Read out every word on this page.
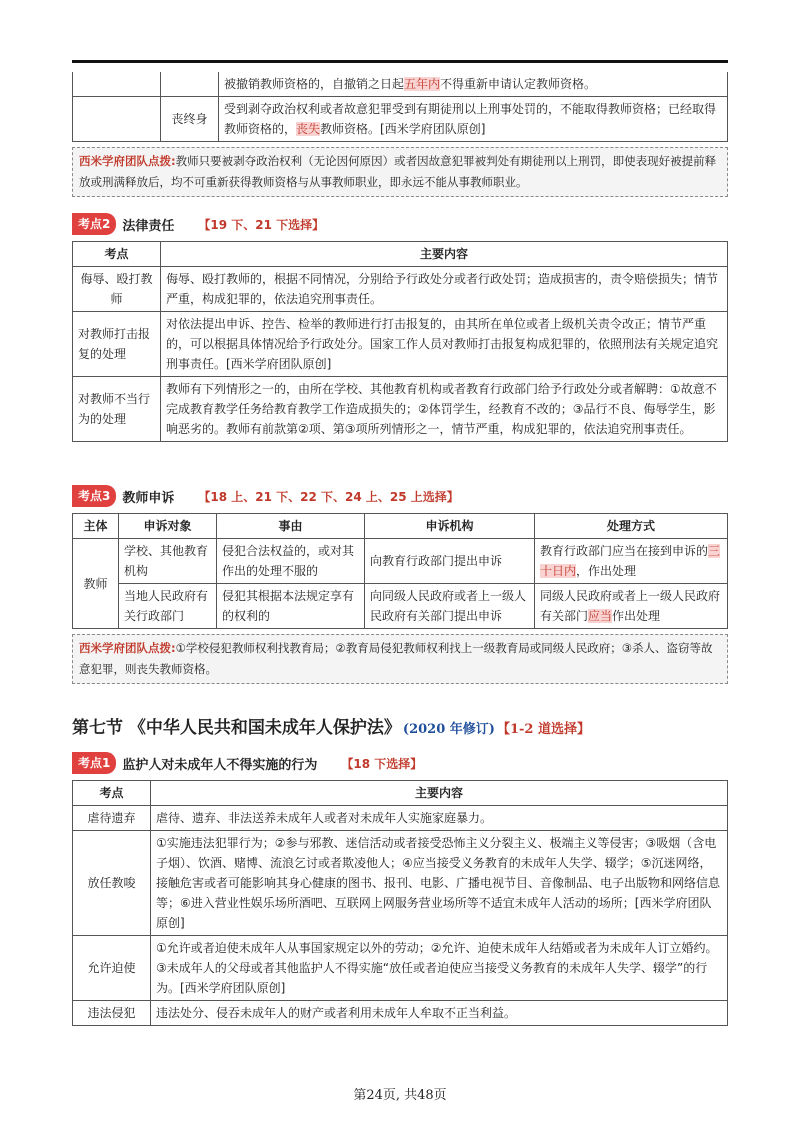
		被撤销教师资格的，自撤销之日起五年内不得重新申请认定教师资格。
	丧终身	受到剥夺政治权利或者故意犯罪受到有期徒刑以上刑事处罚的，不能取得教师资格；已经取得教师资格的，丧失教师资格。[西米学府团队原创]
西米学府团队点拨:教师只要被剥夺政治权利（无论因何原因）或者因故意犯罪被判处有期徒刑以上刑罚，即使表现好被提前释放或刑满释放后，均不可重新获得教师资格与从事教师职业，即永远不能从事教师职业。
考点2 法律责任 【19 下、21 下选择】
考点	主要内容
侮辱、殴打教师	侮辱、殴打教师的，根据不同情况，分别给予行政处分或者行政处罚；造成损害的，责令赔偿损失；情节严重，构成犯罪的，依法追究刑事责任。
对教师打击报复的处理	对依法提出申诉、控告、检举的教师进行打击报复的，由其所在单位或者上级机关责令改正；情节严重的，可以根据具体情况给予行政处分。国家工作人员对教师打击报复构成犯罪的，依照刑法有关规定追究刑事责任。[西米学府团队原创]
对教师不当行为的处理	教师有下列情形之一的，由所在学校、其他教育机构或者教育行政部门给予行政处分或者解聘：①故意不完成教育教学任务给教育教学工作造成损失的；②体罚学生，经教育不改的；③品行不良、侮辱学生，影响恶劣的。教师有前款第②项、第③项所列情形之一，情节严重，构成犯罪的，依法追究刑事责任。
考点3 教师申诉 【18 上、21 下、22 下、24 上、25 上选择】
主体	申诉对象	事由	申诉机构	处理方式
教师	学校、其他教育机构	侵犯合法权益的，或对其作出的处理不服的	向教育行政部门提出申诉	教育行政部门应当在接到申诉的三十日内，作出处理
	当地人民政府有关行政部门	侵犯其根据本法规定享有的权利的	向同级人民政府或者上一级人民政府有关部门提出申诉	同级人民政府或者上一级人民政府有关部门应当作出处理
西米学府团队点拨:①学校侵犯教师权利找教育局；②教育局侵犯教师权利找上一级教育局或同级人民政府；③杀人、盗窃等故意犯罪，则丧失教师资格。
第七节 《中华人民共和国未成年人保护法》 (2020 年修订) 【1-2 道选择】
考点1 监护人对未成年人不得实施的行为 【18 下选择】
考点	主要内容
虐待遗弃	虐待、遗弃、非法送养未成年人或者对未成年人实施家庭暴力。
放任教唆	①实施违法犯罪行为；②参与邪教、迷信活动或者接受恐怖主义分裂主义、极端主义等侵害；③吸烟（含电子烟）、饮酒、赌博、流浪乞讨或者欺凌他人；④应当接受义务教育的未成年人失学、辍学；⑤沉迷网络，接触危害或者可能影响其身心健康的图书、报刊、电影、广播电视节目、音像制品、电子出版物和网络信息等；⑥进入营业性娱乐场所酒吧、互联网上网服务营业场所等不适宜未成年人活动的场所；[西米学府团队原创]
允许迫使	①允许或者迫使未成年人从事国家规定以外的劳动；②允许、迫使未成年人结婚或者为未成年人订立婚约。③未成年人的父母或者其他监护人不得实施“放任或者迫使应当接受义务教育的未成年人失学、辍学”的行为。[西米学府团队原创]
违法侵犯	违法处分、侵吞未成年人的财产或者利用未成年人牟取不正当利益。
第24页, 共48页
